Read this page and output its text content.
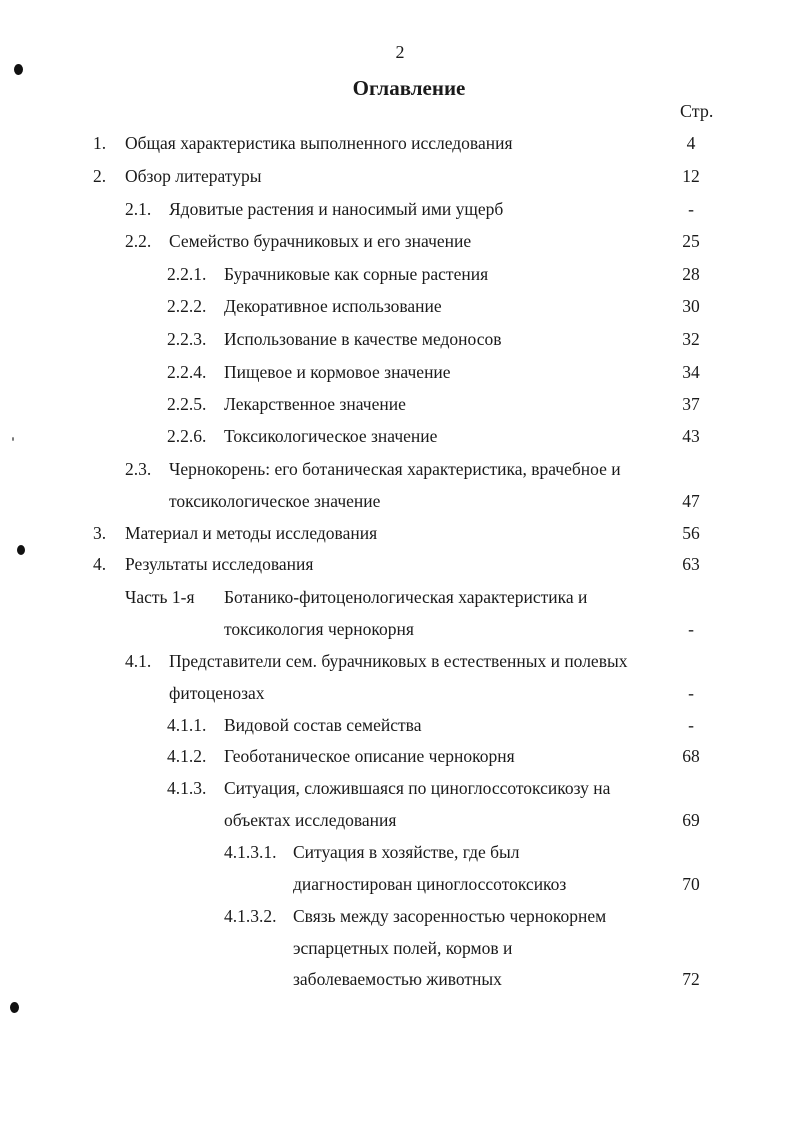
2
Оглавление
Стр.
1. Общая характеристика выполненного исследования	4
2. Обзор литературы	12
2.1. Ядовитые растения и наносимый ими ущерб	-
2.2. Семейство бурачниковых и его значение	25
2.2.1. Бурачниковые как сорные растения	28
2.2.2. Декоративное использование	30
2.2.3. Использование в качестве медоносов	32
2.2.4. Пищевое и кормовое значение	34
2.2.5. Лекарственное значение	37
2.2.6. Токсикологическое значение	43
2.3. Чернокорень: его ботаническая характеристика, врачебное и
токсикологическое значение	47
3. Материал и методы исследования	56
4. Результаты исследования	63
Часть 1-я Ботанико-фитоценологическая характеристика и
токсикология чернокорня	-
4.1. Представители сем. бурачниковых в естественных и полевых
фитоценозах	-
4.1.1. Видовой состав семейства	-
4.1.2. Геоботаническое описание чернокорня	68
4.1.3. Ситуация, сложившаяся по циноглоссотоксикозу на
объектах исследования	69
4.1.3.1. Ситуация в хозяйстве, где был
диагностирован циноглоссотоксикоз	70
4.1.3.2. Связь между засоренностью чернокорнем
эспарцетных полей, кормов и
заболеваемостью животных	72
